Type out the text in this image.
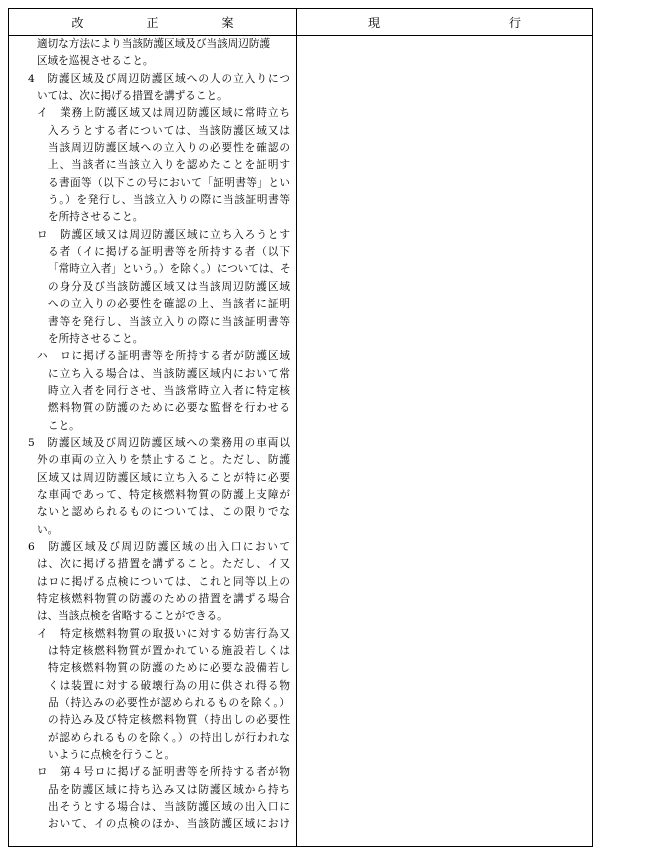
改正案	現行
適切な方法により当該防護区域及び当該周辺防護
区域を巡視させること。
4　防護区域及び周辺防護区域への人の立入りにつ
いては、次に掲げる措置を講ずること。
イ　業務上防護区域又は周辺防護区域に常時立ち
入ろうとする者については、当該防護区域又は
当該周辺防護区域への立入りの必要性を確認の
上、当該者に当該立入りを認めたことを証明す
る書面等（以下この号において「証明書等」とい
う。）を発行し、当該立入りの際に当該証明書等
を所持させること。
ロ　防護区域又は周辺防護区域に立ち入ろうとす
る者（イに掲げる証明書等を所持する者（以下
「常時立入者」という。）を除く。）については、そ
の身分及び当該防護区域又は当該周辺防護区域
への立入りの必要性を確認の上、当該者に証明
書等を発行し、当該立入りの際に当該証明書等
を所持させること。
ハ　ロに掲げる証明書等を所持する者が防護区域
に立ち入る場合は、当該防護区域内において常
時立入者を同行させ、当該常時立入者に特定核
燃料物質の防護のために必要な監督を行わせる
こと。
5　防護区域及び周辺防護区域への業務用の車両以
外の車両の立入りを禁止すること。ただし、防護
区域又は周辺防護区域に立ち入ることが特に必要
な車両であって、特定核燃料物質の防護上支障が
ないと認められるものについては、この限りでな
い。
6　防護区域及び周辺防護区域の出入口において
は、次に掲げる措置を講ずること。ただし、イ又
はロに掲げる点検については、これと同等以上の
特定核燃料物質の防護のための措置を講ずる場合
は、当該点検を省略することができる。
イ　特定核燃料物質の取扱いに対する妨害行為又
は特定核燃料物質が置かれている施設若しくは
特定核燃料物質の防護のために必要な設備若し
くは装置に対する破壊行為の用に供され得る物
品（持込みの必要性が認められるものを除く。）
の持込み及び特定核燃料物質（持出しの必要性
が認められるものを除く。）の持出しが行われな
いように点検を行うこと。
ロ　第４号ロに掲げる証明書等を所持する者が物
品を防護区域に持ち込み又は防護区域から持ち
出そうとする場合は、当該防護区域の出入口に
おいて、イの点検のほか、当該防護区域におけ
